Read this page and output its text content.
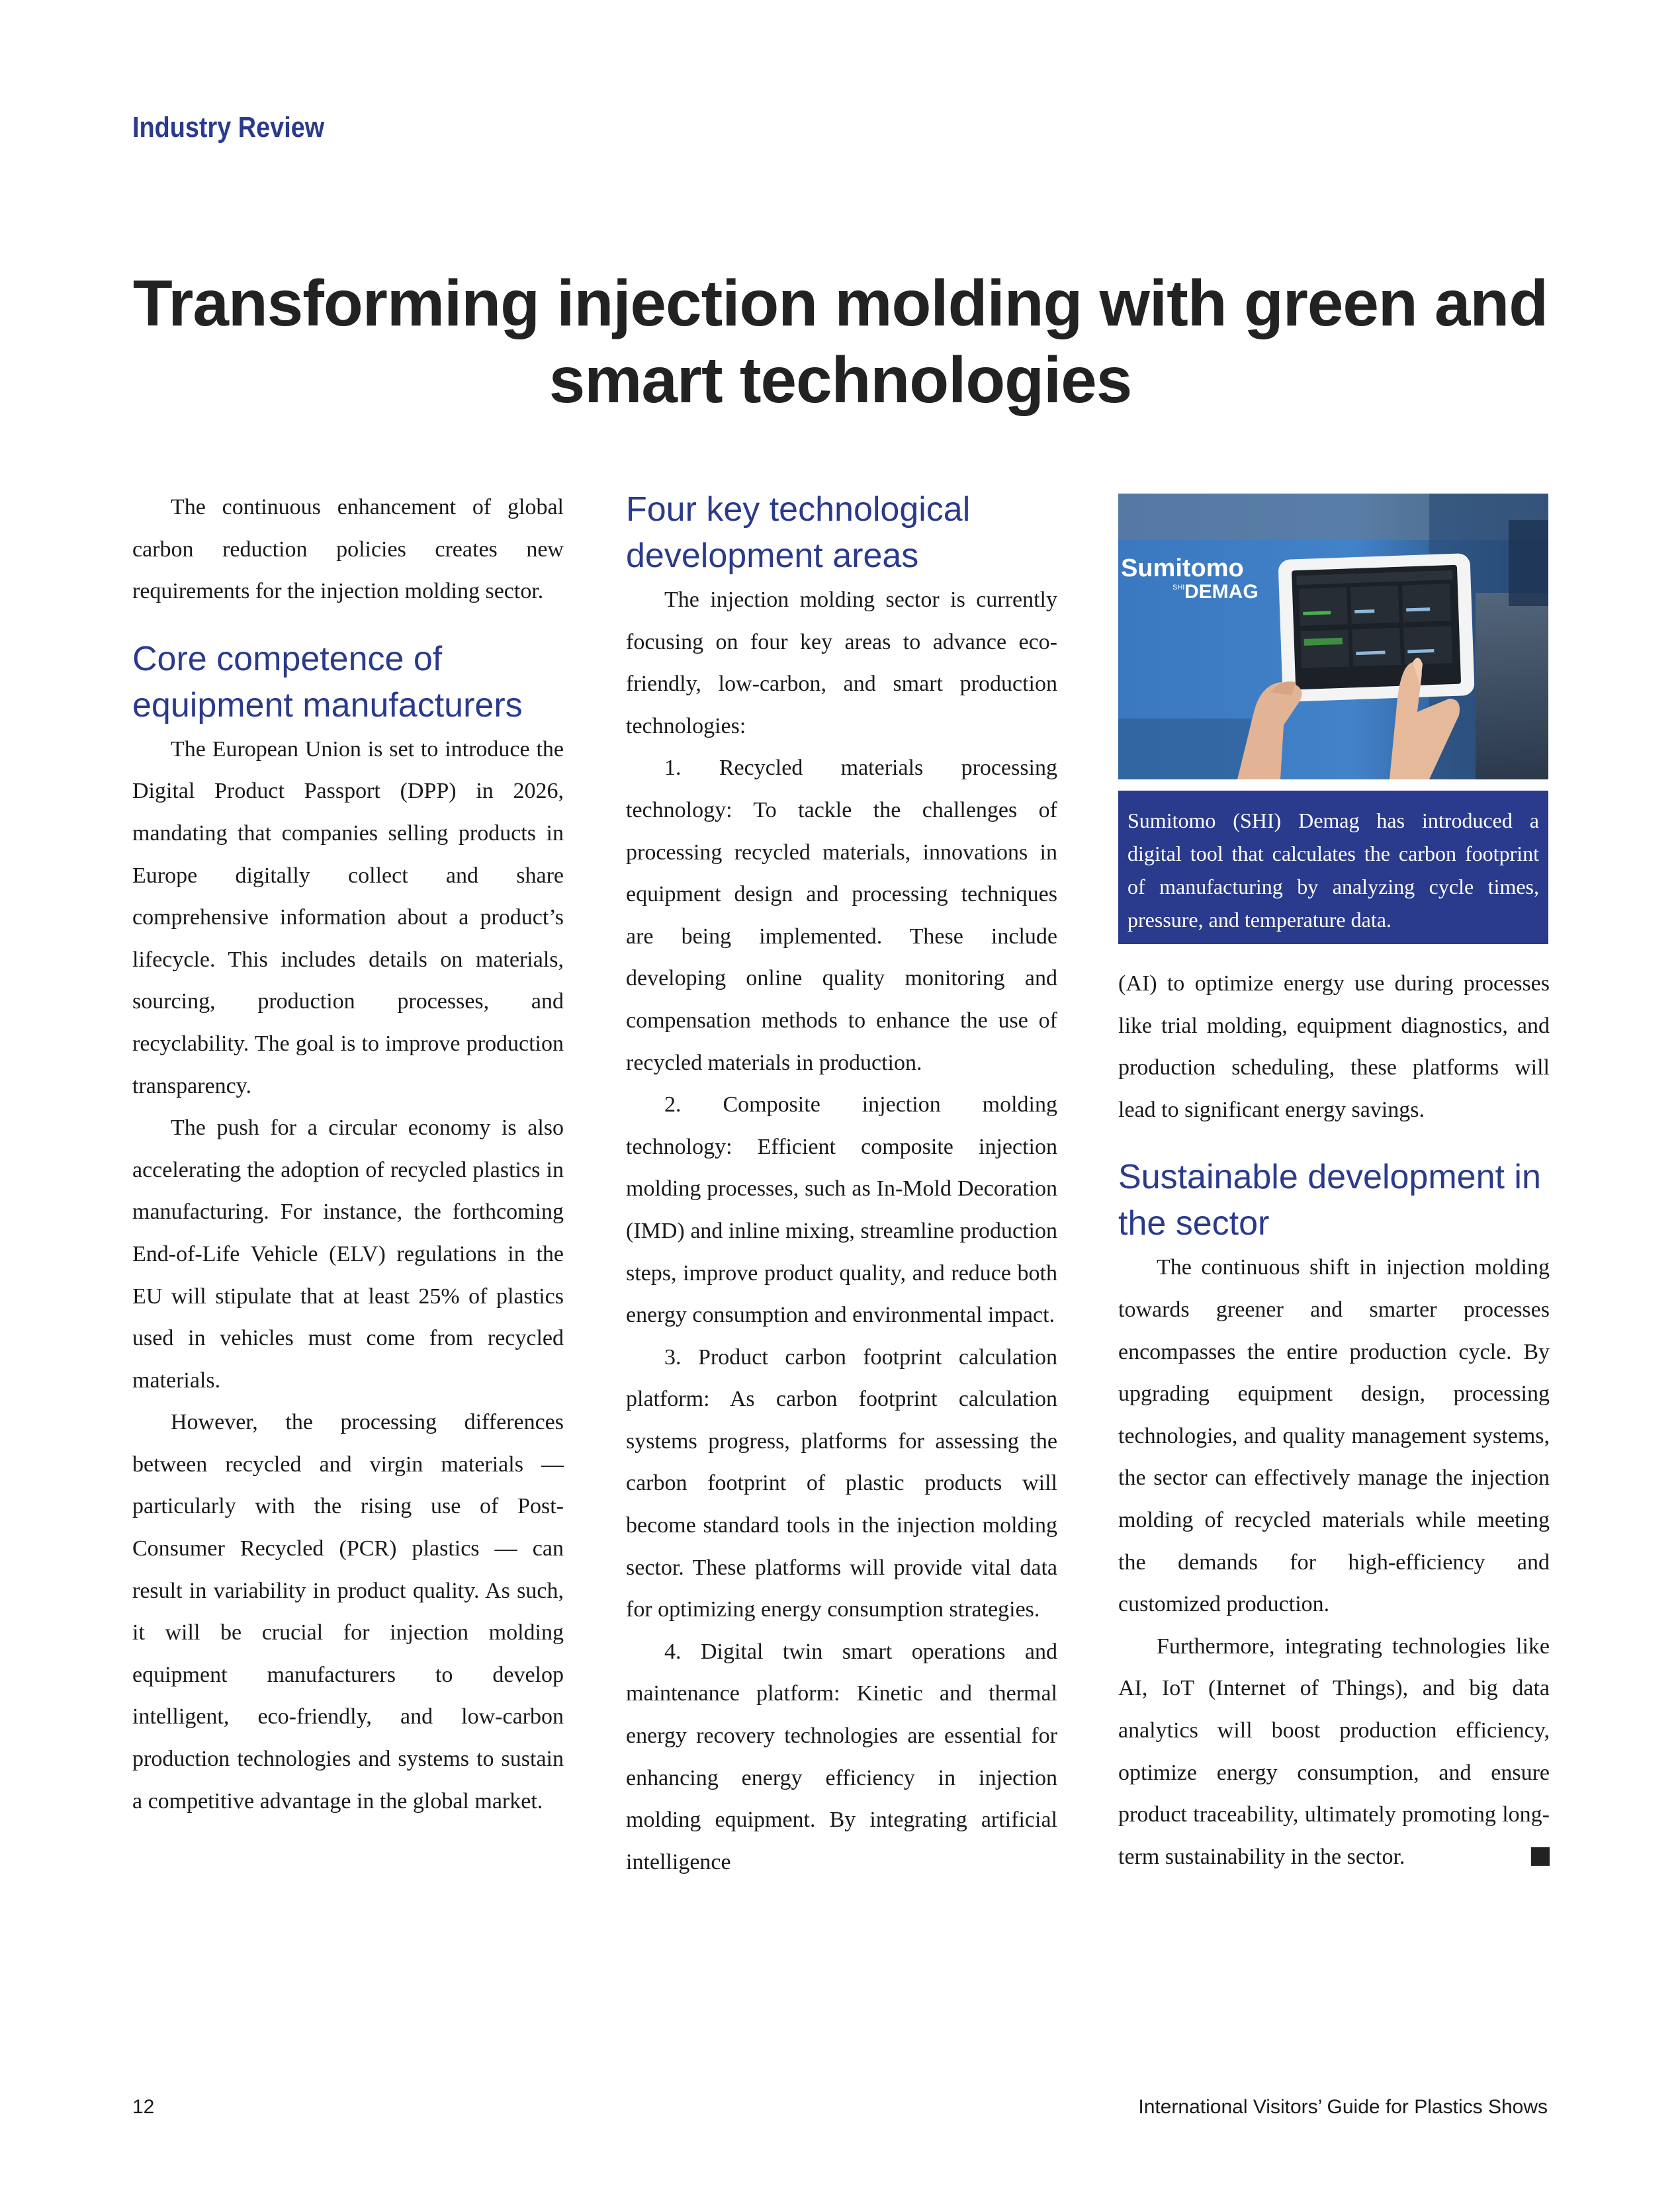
Industry Review
Transforming injection molding with green and smart technologies

The continuous enhancement of global carbon reduction policies creates new requirements for the injection molding sector.

Core competence of equipment manufacturers

The European Union is set to introduce the Digital Product Passport (DPP) in 2026, mandating that companies selling products in Europe digitally collect and share comprehensive information about a product’s lifecycle. This includes details on materials, sourcing, production processes, and recyclability. The goal is to improve production transparency.

The push for a circular economy is also accelerating the adoption of recycled plastics in manufacturing. For instance, the forthcoming End-of-Life Vehicle (ELV) regulations in the EU will stipulate that at least 25% of plastics used in vehicles must come from recycled materials.

However, the processing differences between recycled and virgin materials — particularly with the rising use of Post-Consumer Recycled (PCR) plastics — can result in variability in product quality. As such, it will be crucial for injection molding equipment manufacturers to develop intelligent, eco-friendly, and low-carbon production technologies and systems to sustain a competitive advantage in the global market.

Four key technological development areas

The injection molding sector is currently focusing on four key areas to advance eco-friendly, low-carbon, and smart production technologies:

1. Recycled materials processing technology: To tackle the challenges of processing recycled materials, innovations in equipment design and processing techniques are being implemented. These include developing online quality monitoring and compensation methods to enhance the use of recycled materials in production.

2. Composite injection molding technology: Efficient composite injection molding processes, such as In-Mold Decoration (IMD) and inline mixing, streamline production steps, improve product quality, and reduce both energy consumption and environmental impact.

3. Product carbon footprint calculation platform: As carbon footprint calculation systems progress, platforms for assessing the carbon footprint of plastic products will become standard tools in the injection molding sector. These platforms will provide vital data for optimizing energy consumption strategies.

4. Digital twin smart operations and maintenance platform: Kinetic and thermal energy recovery technologies are essential for enhancing energy efficiency in injection molding equipment. By integrating artificial intelligence

Sumitomo
SHI DEMAG
Sumitomo (SHI) Demag has introduced a digital tool that calculates the carbon footprint of manufacturing by analyzing cycle times, pressure, and temperature data.

(AI) to optimize energy use during processes like trial molding, equipment diagnostics, and production scheduling, these platforms will lead to significant energy savings.

Sustainable development in the sector

The continuous shift in injection molding towards greener and smarter processes encompasses the entire production cycle. By upgrading equipment design, processing technologies, and quality management systems, the sector can effectively manage the injection molding of recycled materials while meeting the demands for high-efficiency and customized production.

Furthermore, integrating technologies like AI, IoT (Internet of Things), and big data analytics will boost production efficiency, optimize energy consumption, and ensure product traceability, ultimately promoting long-term sustainability in the sector.

12	International Visitors’ Guide for Plastics Shows
